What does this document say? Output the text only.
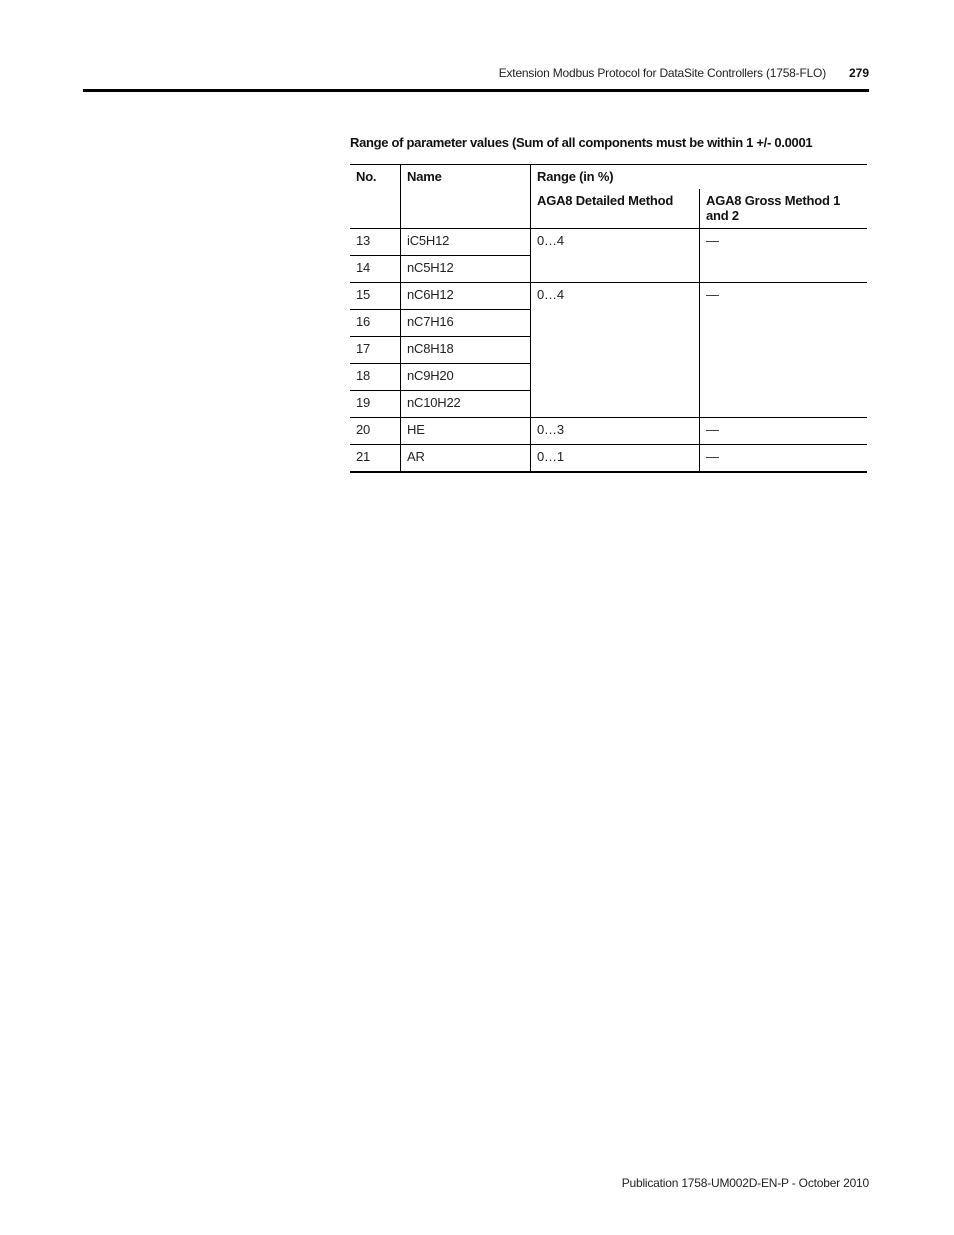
Extension Modbus Protocol for DataSite Controllers (1758-FLO) 279
Range of parameter values (Sum of all components must be within 1 +/- 0.0001
No.	Name	Range (in %)	
		AGA8 Detailed Method	AGA8 Gross Method 1 and 2
13	iC5H12	0…4	—
14	nC5H12		
15	nC6H12	0…4	—
16	nC7H16		
17	nC8H18		
18	nC9H20		
19	nC10H22		
20	HE	0…3	—
21	AR	0…1	—
Publication 1758-UM002D-EN-P - October 2010
